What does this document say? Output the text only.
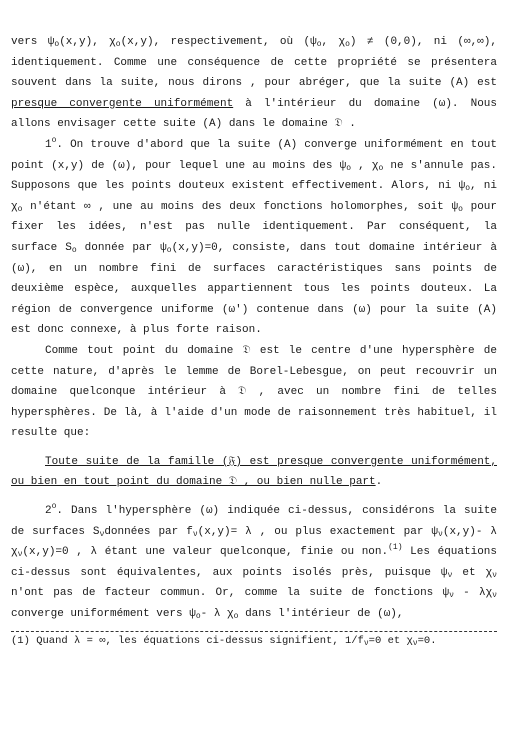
vers $\psi_o(x,y)$, $\chi_o(x,y)$, respectivement, où ($\psi_o$, $\chi_o) \ne (0,0)$, ni (∞,∞), identiquement. Comme une conséquence de cette propriété se présentera souvent dans la suite, nous dirons , pour abréger, que la suite (A) est presque convergente uniformément à l'intérieur du domaine (ω). Nous allons envisager cette suite (A) dans le domaine 𝔇 .

1$^o$. On trouve d'abord que la suite (A) converge uniformément en tout point (x,y) de (ω), pour lequel une au moins des $\psi_o$ , $\chi_o$ ne s'annule pas. Supposons que les points douteux existent effectivement. Alors, ni $\psi_o$, ni $\chi_o$ n'étant ∞ , une au moins des deux fonctions holomorphes, soit $\psi_o$ pour fixer les idées, n'est pas nulle identiquement. Par conséquent, la surface $S_o$ donnée par $\psi_o(x,y)=0$, consiste, dans tout domaine intérieur à (ω), en un nombre fini de surfaces caractéristiques sans points de deuxième espèce, auxquelles appartiennent tous les points douteux. La région de convergence uniforme (ω') contenue dans (ω) pour la suite (A) est donc connexe, à plus forte raison.

Comme tout point du domaine 𝔇 est le centre d'une hypersphère de cette nature, d'après le lemme de Borel-Lebesgue, on peut recouvrir un domaine quelconque intérieur à 𝔇 , avec un nombre fini de telles hypersphères. De là, à l'aide d'un mode de raisonnement très habituel, il resulte que:

Toute suite de la famille (𝔉) est presque convergente uniformément, ou bien en tout point du domaine 𝔇 , ou bien nulle part.

2$^o$. Dans l'hypersphère (ω) indiquée ci-dessus, considérons la suite de surfaces $S_\nu données$ par $f_\nu(x,y)= \lambda$ , ou plus exactement par $\psi_\nu(x,y)-$ λ $\chi_\nu(x,y)=0$ , λ étant une valeur quelconque, finie ou non.$^{(1)}$ Les équations ci-dessus sont équivalentes, aux points isolés près, puisque $\psi_\nu$ et $\chi_\nu$ n'ont pas de facteur commun. Or, comme la suite de fonctions $\psi_\nu - \lambda\chi_\nu$ converge uniformément vers $\psi_o-$ λ $\chi_o$ dans l'intérieur de (ω),

(1) Quand λ = ∞, les équations ci-dessus signifient, $1/f_\nu=0$ et $\chi_\nu=0$.
